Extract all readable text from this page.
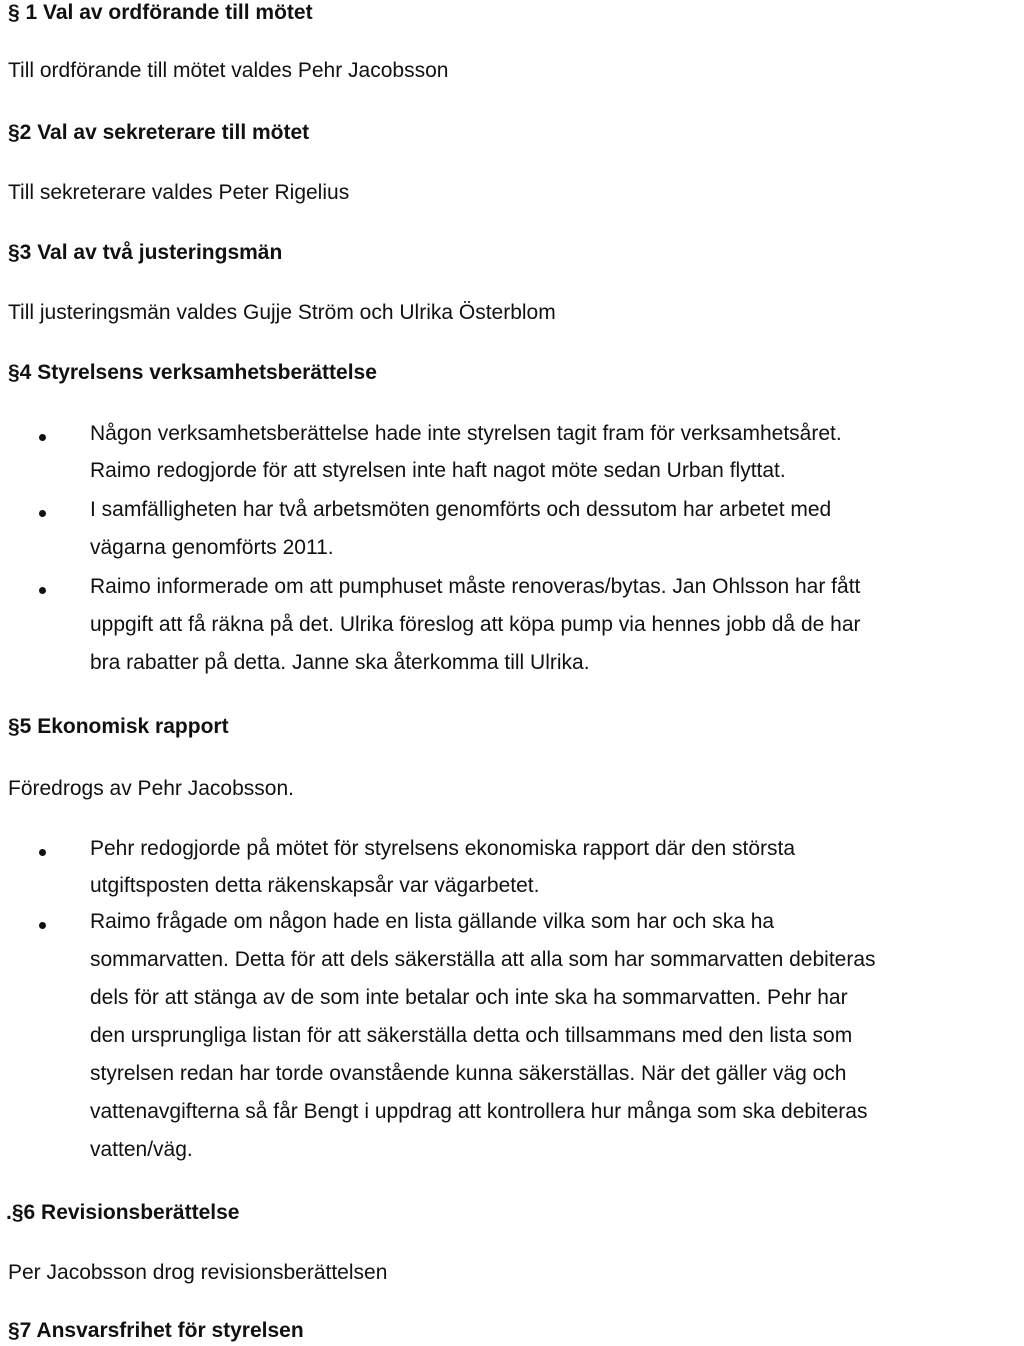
§ 1 Val av ordförande till mötet
Till ordförande till mötet valdes Pehr Jacobsson
§2 Val av sekreterare till mötet
Till sekreterare valdes Peter Rigelius
§3 Val av två justeringsmän
Till justeringsmän valdes Gujje Ström och Ulrika Österblom
§4 Styrelsens verksamhetsberättelse
Någon verksamhetsberättelse hade inte styrelsen tagit fram för verksamhetsåret.
Raimo redogjorde för att styrelsen inte haft nagot möte sedan Urban flyttat.
I samfälligheten har två arbetsmöten genomförts och dessutom har arbetet med
vägarna genomförts 2011.
Raimo informerade om att pumphuset måste renoveras/bytas. Jan Ohlsson har fått
uppgift att få räkna på det. Ulrika föreslog att köpa pump via hennes jobb då de har
bra rabatter på detta. Janne ska återkomma till Ulrika.
§5 Ekonomisk rapport
Föredrogs av Pehr Jacobsson.
Pehr redogjorde på mötet för styrelsens ekonomiska rapport där den största
utgiftsposten detta räkenskapsår var vägarbetet.
Raimo frågade om någon hade en lista gällande vilka som har och ska ha
sommarvatten. Detta för att dels säkerställa att alla som har sommarvatten debiteras
dels för att stänga av de som inte betalar och inte ska ha sommarvatten. Pehr har
den ursprungliga listan för att säkerställa detta och tillsammans med den lista som
styrelsen redan har torde ovanstående kunna säkerställas. När det gäller väg och
vattenavgifterna så får Bengt i uppdrag att kontrollera hur många som ska debiteras
vatten/väg.
.§6 Revisionsberättelse
Per Jacobsson drog revisionsberättelsen
§7 Ansvarsfrihet för styrelsen
